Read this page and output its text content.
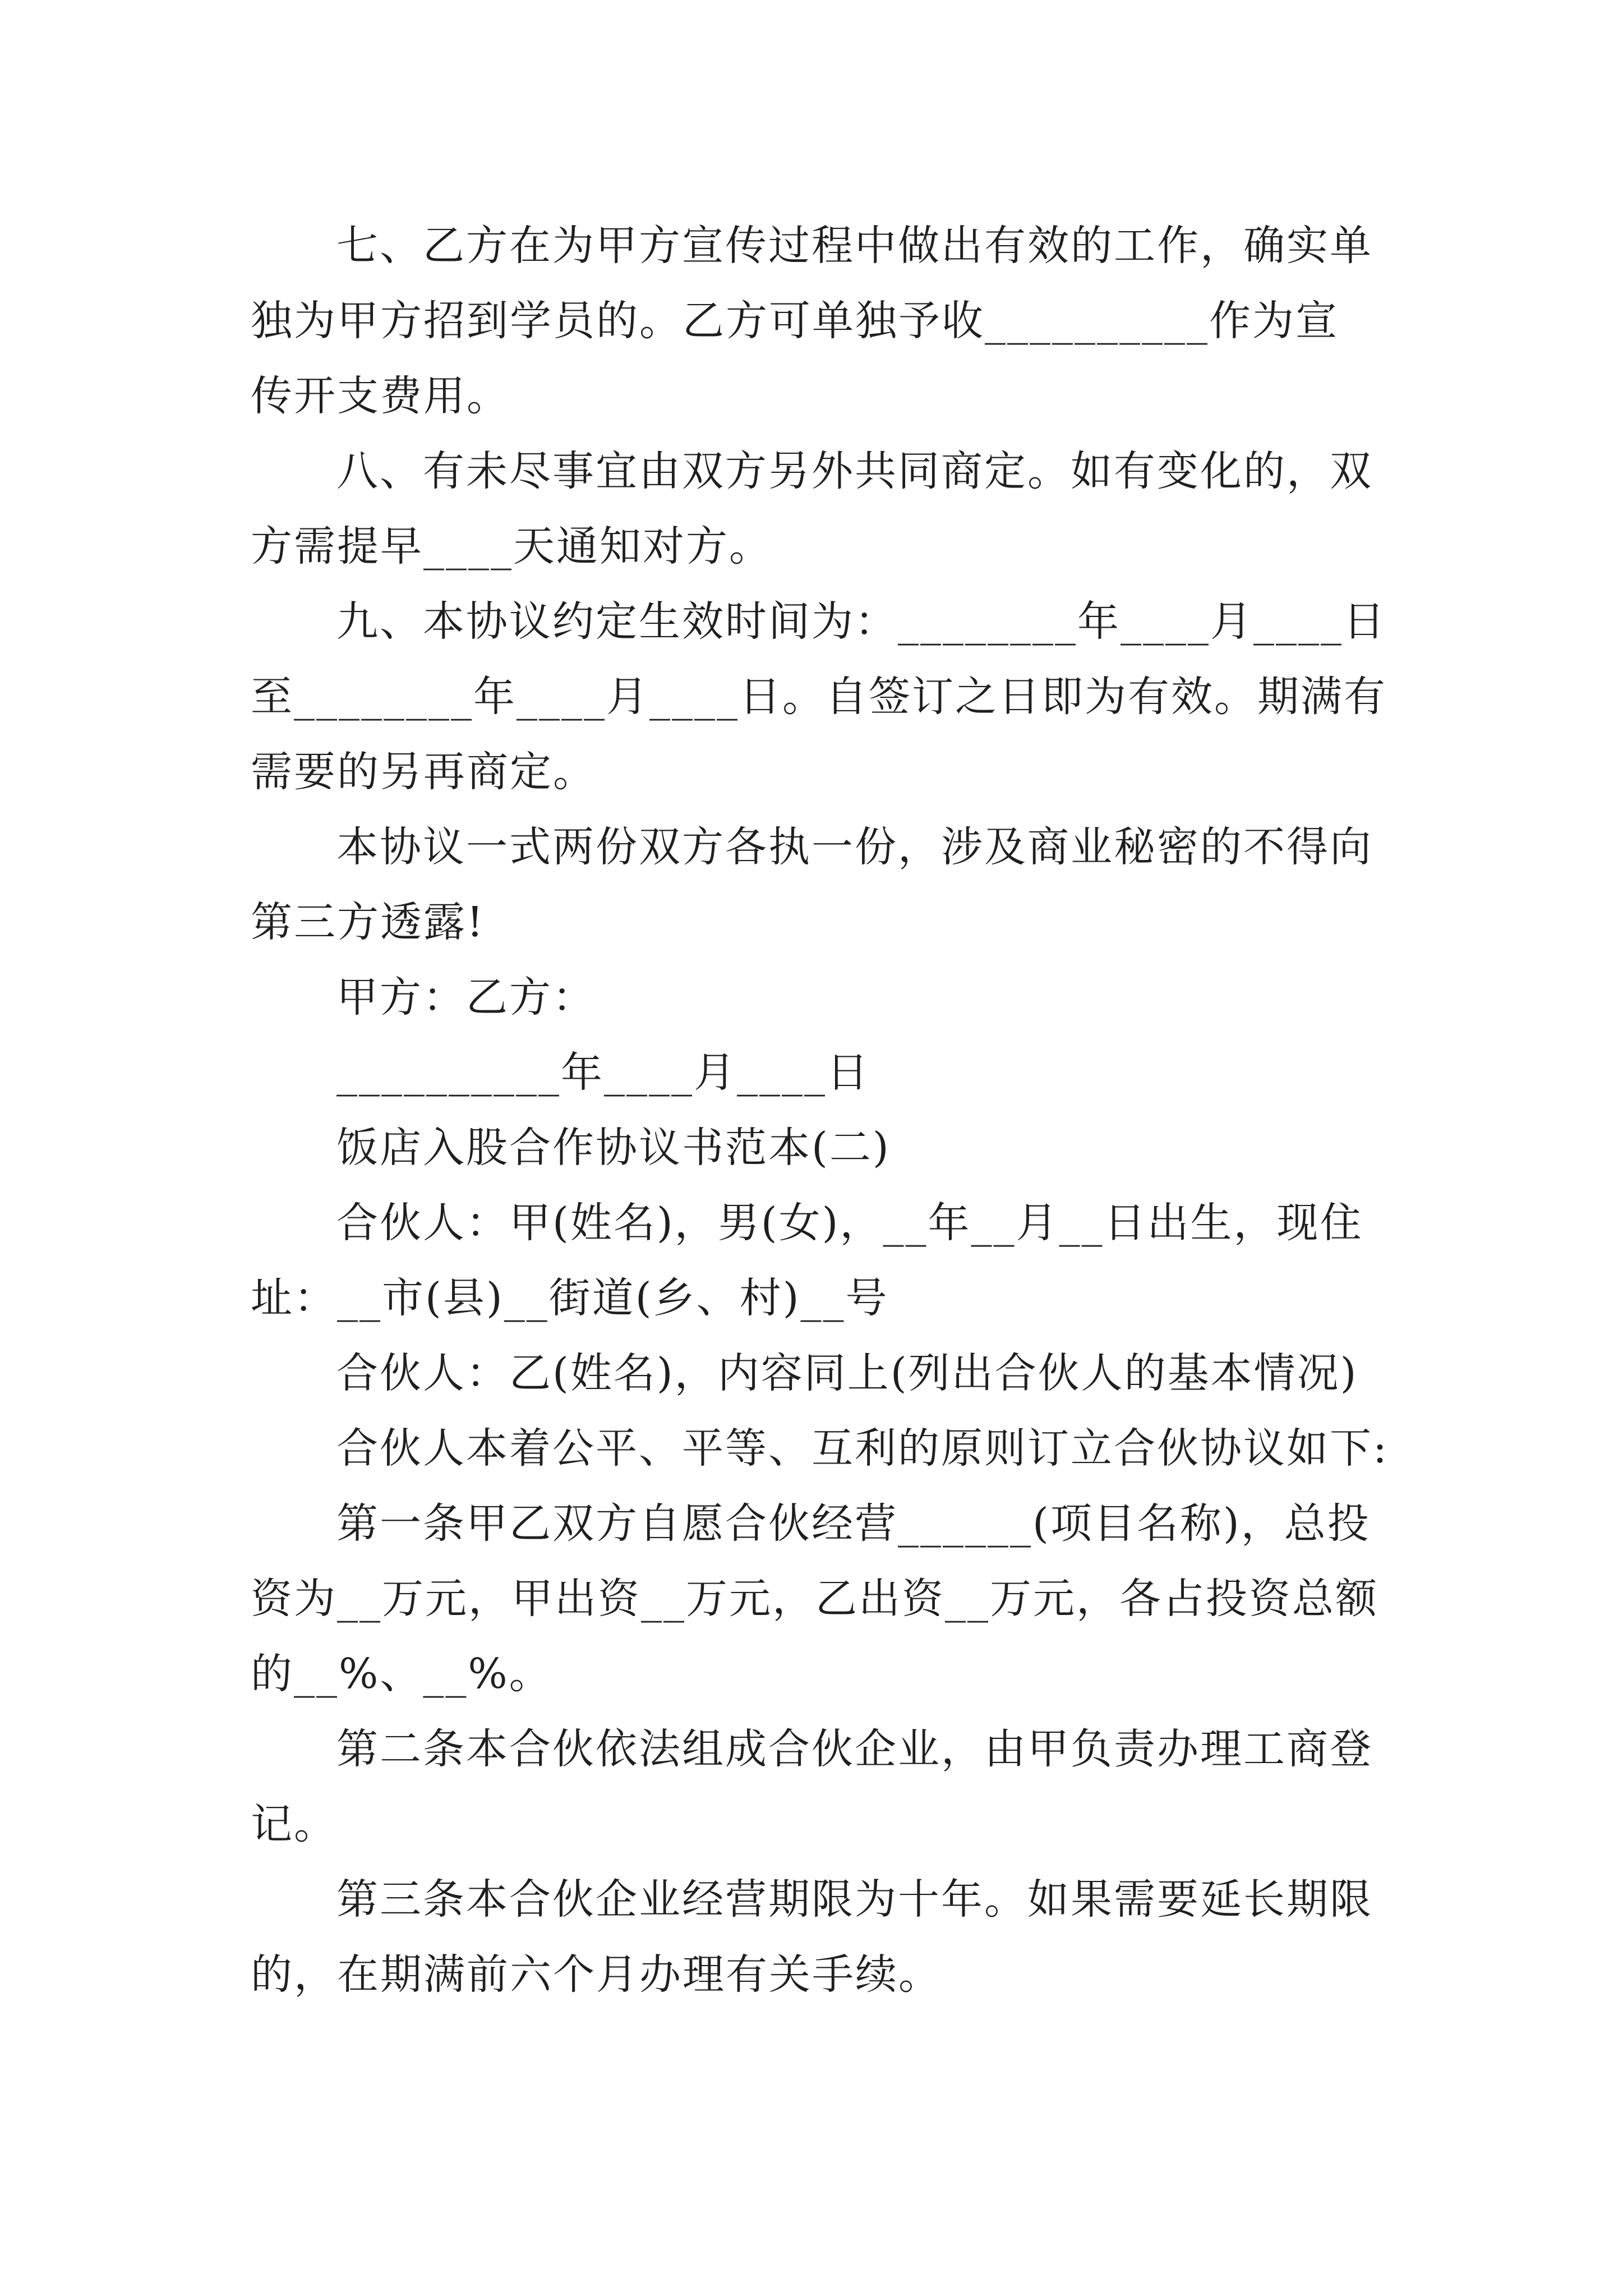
七、乙方在为甲方宣传过程中做出有效的工作，确实单
独为甲方招到学员的。乙方可单独予收__________作为宣
传开支费用。
八、有未尽事宜由双方另外共同商定。如有变化的，双
方需提早____天通知对方。
九、本协议约定生效时间为：________年____月____日
至________年____月____日。自签订之日即为有效。期满有
需要的另再商定。
本协议一式两份双方各执一份，涉及商业秘密的不得向
第三方透露!
甲方：乙方：
__________年____月____日
饭店入股合作协议书范本(二)
合伙人：甲(姓名)，男(女)，__年__月__日出生，现住
址：__市(县)__街道(乡、村)__号
合伙人：乙(姓名)，内容同上(列出合伙人的基本情况)
合伙人本着公平、平等、互利的原则订立合伙协议如下:
第一条甲乙双方自愿合伙经营______(项目名称)，总投
资为__万元，甲出资__万元，乙出资__万元，各占投资总额
的__%、__%。
第二条本合伙依法组成合伙企业，由甲负责办理工商登
记。
第三条本合伙企业经营期限为十年。如果需要延长期限
的，在期满前六个月办理有关手续。
